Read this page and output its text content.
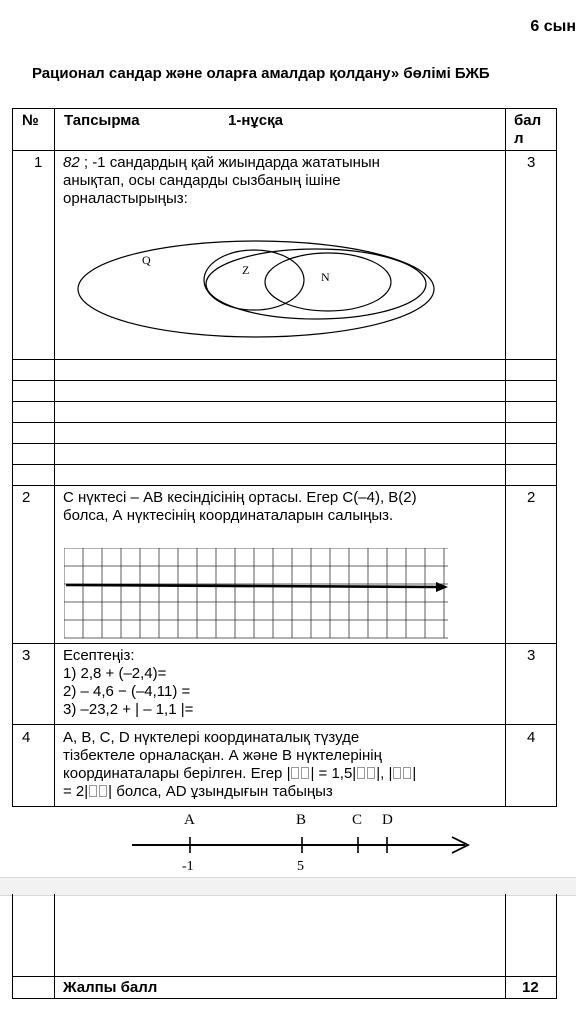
6 сын
Рационал сандар және оларға амалдар қолдану» бөлімі БЖБ
№ Тапсырма	1-нұсқа	бал
л
1 82 ; -1 сандардың қай жиындарда жататынын
анықтап, осы сандарды сызбаның ішіне
орналастырыңыз:
3
Q
Z	N
2 С нүктесі – АВ кесіндісінің ортасы. Егер С(–4), В(2)
болса, А нүктесінің координаталарын салыңыз.
2
3 Есептеңіз:
1) 2,8 + (–2,4)=
2) – 4,6 − (–4,11) =
3) –23,2 + | – 1,1 |=
3
4 А, В, С, D нүктелері координаталық түзуде
тізбектеле орналасқан. А және В нүктелерінің
координаталары берілген. Егер | | = 1,5| |, | |
= 2| | болса, АD ұзындығын табыңыз
4
A	B	C D
-1	5
Жалпы балл	12
